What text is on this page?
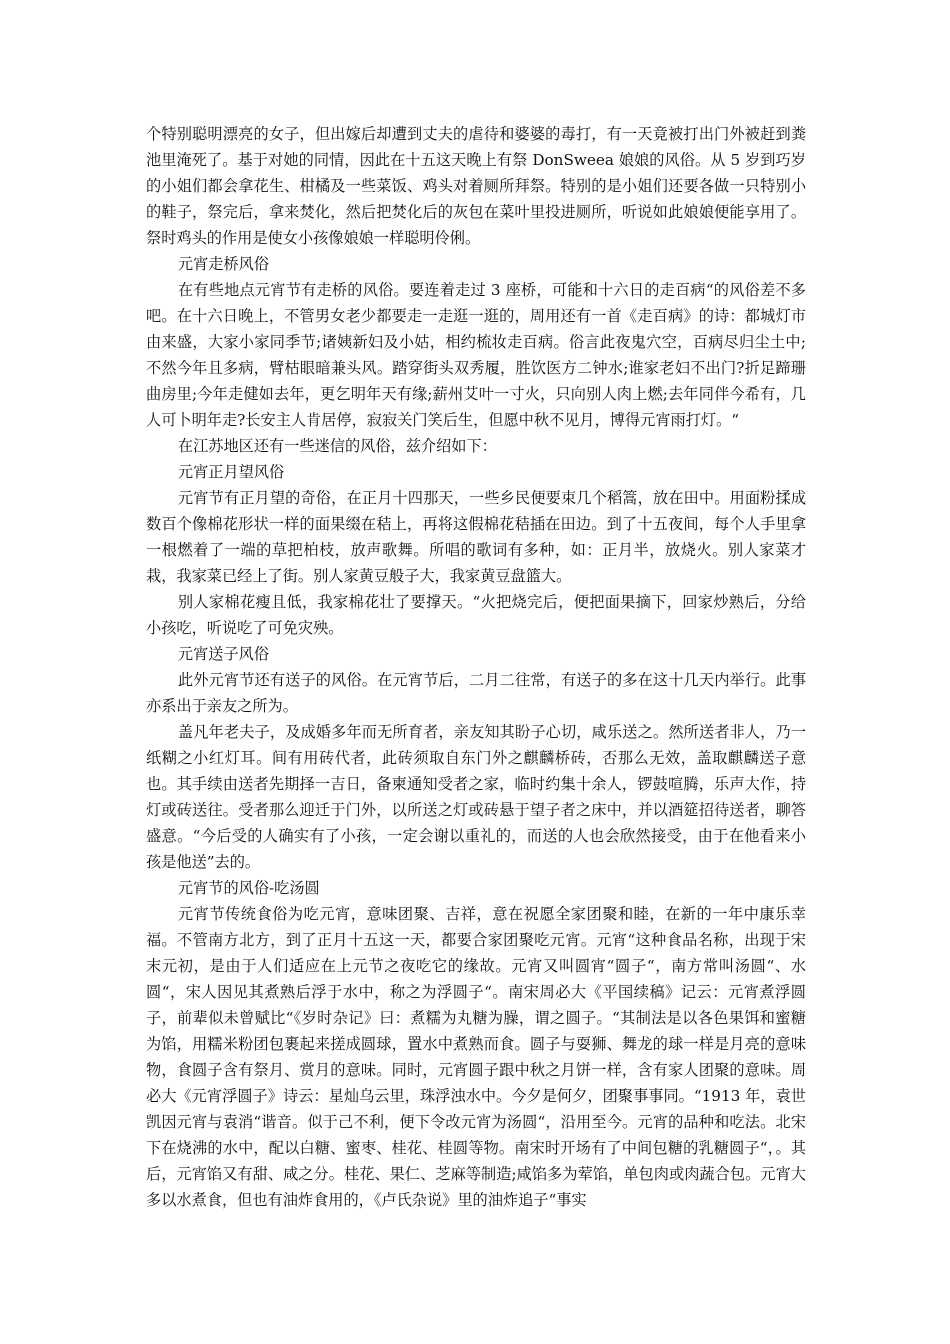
个特别聪明漂亮的女子，但出嫁后却遭到丈夫的虐待和婆婆的毒打，有一天竟被打出门外被赶到粪池里淹死了。基于对她的同情，因此在十五这天晚上有祭 DonSweea 娘娘的风俗。从 5 岁到巧岁的小姐们都会拿花生、柑橘及一些菜饭、鸡头对着厕所拜祭。特别的是小姐们还要各做一只特别小的鞋子，祭完后，拿来焚化，然后把焚化后的灰包在菜叶里投进厕所，听说如此娘娘便能享用了。祭时鸡头的作用是使女小孩像娘娘一样聪明伶俐。

元宵走桥风俗

在有些地点元宵节有走桥的风俗。要连着走过 3 座桥，可能和十六日的走百病“的风俗差不多吧。在十六日晚上，不管男女老少都要走一走逛一逛的，周用还有一首《走百病》的诗：都城灯市由来盛，大家小家同季节;诸姨新妇及小姑，相约梳妆走百病。俗言此夜鬼穴空，百病尽归尘土中;不然今年且多病，臂枯眼暗兼头风。踏穿街头双秀履，胜饮医方二钟水;谁家老妇不出门?折足蹄珊曲房里;今年走健如去年，更乞明年天有缘;薪州艾叶一寸火，只向别人肉上燃;去年同伴今希有，几人可卜明年走?长安主人肯居停，寂寂关门笑后生，但愿中秋不见月，博得元宵雨打灯。“

在江苏地区还有一些迷信的风俗，兹介绍如下：

元宵正月望风俗

元宵节有正月望的奇俗，在正月十四那天，一些乡民便要束几个稻篙，放在田中。用面粉揉成数百个像棉花形状一样的面果缀在秸上，再将这假棉花秸插在田边。到了十五夜间，每个人手里拿一根燃着了一端的草把柏枝，放声歌舞。所唱的歌词有多种，如：正月半，放烧火。别人家菜才栽，我家菜已经上了街。别人家黄豆般子大，我家黄豆盘篮大。

别人家棉花瘦且低，我家棉花壮了要撑天。“火把烧完后，便把面果摘下，回家炒熟后，分给小孩吃，听说吃了可免灾殃。

元宵送子风俗

此外元宵节还有送子的风俗。在元宵节后，二月二往常，有送子的多在这十几天内举行。此事亦系出于亲友之所为。

盖凡年老夫子，及成婚多年而无所育者，亲友知其盼子心切，咸乐送之。然所送者非人，乃一纸糊之小红灯耳。间有用砖代者，此砖须取自东门外之麒麟桥砖，否那么无效，盖取麒麟送子意也。其手续由送者先期择一吉日，备柬通知受者之家，临时约集十余人，锣鼓喧腾，乐声大作，持灯或砖送往。受者那么迎迁于门外，以所送之灯或砖悬于望子者之床中，并以酒筵招待送者，聊答盛意。“今后受的人确实有了小孩，一定会谢以重礼的，而送的人也会欣然接受，由于在他看来小孩是他送”去的。

元宵节的风俗-吃汤圆

元宵节传统食俗为吃元宵，意味团聚、吉祥，意在祝愿全家团聚和睦，在新的一年中康乐幸福。不管南方北方，到了正月十五这一天，都要合家团聚吃元宵。元宵“这种食品名称，出现于宋末元初，是由于人们适应在上元节之夜吃它的缘故。元宵又叫圆宵“圆子“，南方常叫汤圆“、水圆“，宋人因见其煮熟后浮于水中，称之为浮圆子“。南宋周必大《平国续稿》记云：元宵煮浮圆子，前辈似未曾赋比“《岁时杂记》曰：煮糯为丸糖为臊，谓之圆子。“其制法是以各色果饵和蜜糖为馅，用糯米粉团包裹起来搓成圆球，置水中煮熟而食。圆子与耍狮、舞龙的球一样是月亮的意味物，食圆子含有祭月、赏月的意味。同时，元宵圆子跟中秋之月饼一样，含有家人团聚的意味。周必大《元宵浮圆子》诗云：星灿乌云里，珠浮浊水中。今夕是何夕，团聚事事同。“1913 年，袁世凯因元宵与袁消“谐音。似于己不利，便下令改元宵为汤圆“，沿用至今。元宵的品种和吃法。北宋下在烧沸的水中，配以白糖、蜜枣、桂花、桂圆等物。南宋时开场有了中间包糖的乳糖圆子“，。其后，元宵馅又有甜、咸之分。桂花、果仁、芝麻等制造;咸馅多为荤馅，单包肉或肉蔬合包。元宵大多以水煮食，但也有油炸食用的，《卢氏杂说》里的油炸追子“事实
